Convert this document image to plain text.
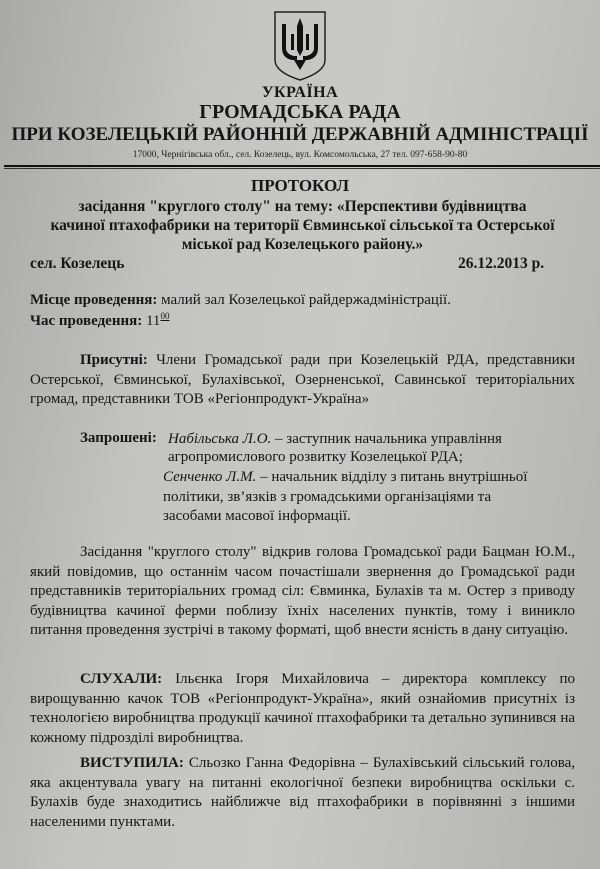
УКРАЇНА
ГРОМАДСЬКА РАДА
ПРИ КОЗЕЛЕЦЬКІЙ РАЙОННІЙ ДЕРЖАВНІЙ АДМІНІСТРАЦІЇ
17000, Чернігівська обл., сел. Козелець, вул. Комсомольська, 27 тел. 097-658-90-80
ПРОТОКОЛ
засідання "круглого столу" на тему: «Перспективи будівництва
качиної птахофабрики на території Євминської сільської та Остерської
міської рад Козелецького району.»
сел. Козелець	26.12.2013 р.
Місце проведення: малий зал Козелецької райдержадміністрації.
Час проведення: $11^{00}$
Присутні: Члени Громадської ради при Козелецькій РДА, представники Остерської, Євминської, Булахівської, Озерненської, Савинської територіальних громад, представники ТОВ «Регіонпродукт-Україна»
Запрошені: Набільська Л.О. – заступник начальника управління
агропромислового розвитку Козелецької РДА;
Сенченко Л.М. – начальник відділу з питань внутрішньої
політики, зв’язків з громадськими організаціями та
засобами масової інформації.
Засідання "круглого столу" відкрив голова Громадської ради Бацман Ю.М., який повідомив, що останнім часом почастішали звернення до Громадської ради представників територіальних громад сіл: Євминка, Булахів та м. Остер з приводу будівництва качиної ферми поблизу їхніх населених пунктів, тому і виникло питання проведення зустрічі в такому форматі, щоб внести ясність в дану ситуацію.
СЛУХАЛИ: Ільєнка Ігоря Михайловича – директора комплексу по вирощуванню качок ТОВ «Регіонпродукт-Україна», який ознайомив присутніх із технологією виробництва продукції качиної птахофабрики та детально зупинився на кожному підрозділі виробництва.
ВИСТУПИЛА: Сльозко Ганна Федорівна – Булахівський сільський голова, яка акцентувала увагу на питанні екологічної безпеки виробництва оскільки с. Булахів буде знаходитись найближче від птахофабрики в порівнянні з іншими населеними пунктами.
